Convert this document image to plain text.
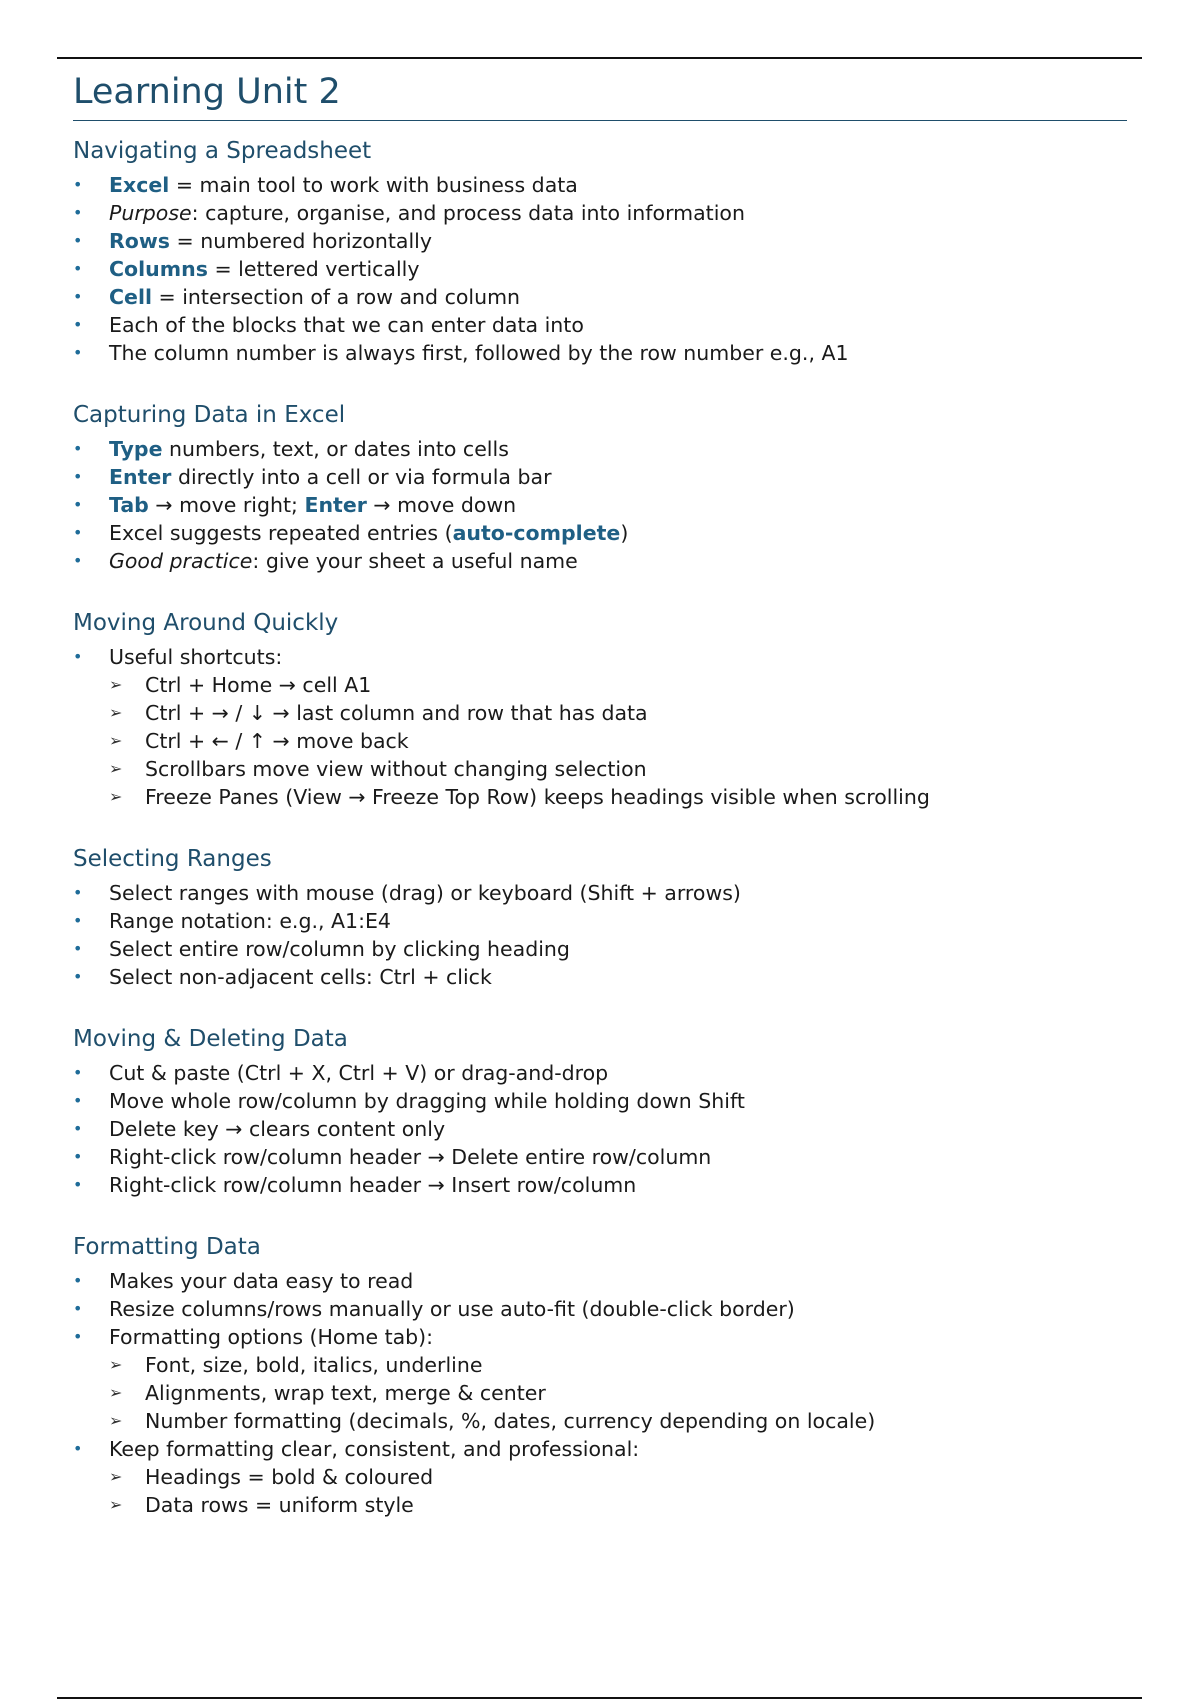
Learning Unit 2
Navigating a Spreadsheet
• Excel = main tool to work with business data
• Purpose: capture, organise, and process data into information
• Rows = numbered horizontally
• Columns = lettered vertically
• Cell = intersection of a row and column
• Each of the blocks that we can enter data into
• The column number is always first, followed by the row number e.g., A1
Capturing Data in Excel
• Type numbers, text, or dates into cells
• Enter directly into a cell or via formula bar
• Tab → move right; Enter → move down
• Excel suggests repeated entries (auto-complete)
• Good practice: give your sheet a useful name
Moving Around Quickly
• Useful shortcuts:
➢ Ctrl + Home → cell A1
➢ Ctrl + → / ↓ → last column and row that has data
➢ Ctrl + ← / ↑ → move back
➢ Scrollbars move view without changing selection
➢ Freeze Panes (View → Freeze Top Row) keeps headings visible when scrolling
Selecting Ranges
• Select ranges with mouse (drag) or keyboard (Shift + arrows)
• Range notation: e.g., A1:E4
• Select entire row/column by clicking heading
• Select non-adjacent cells: Ctrl + click
Moving & Deleting Data
• Cut & paste (Ctrl + X, Ctrl + V) or drag-and-drop
• Move whole row/column by dragging while holding down Shift
• Delete key → clears content only
• Right-click row/column header → Delete entire row/column
• Right-click row/column header → Insert row/column
Formatting Data
• Makes your data easy to read
• Resize columns/rows manually or use auto-fit (double-click border)
• Formatting options (Home tab):
➢ Font, size, bold, italics, underline
➢ Alignments, wrap text, merge & center
➢ Number formatting (decimals, %, dates, currency depending on locale)
• Keep formatting clear, consistent, and professional:
➢ Headings = bold & coloured
➢ Data rows = uniform style
